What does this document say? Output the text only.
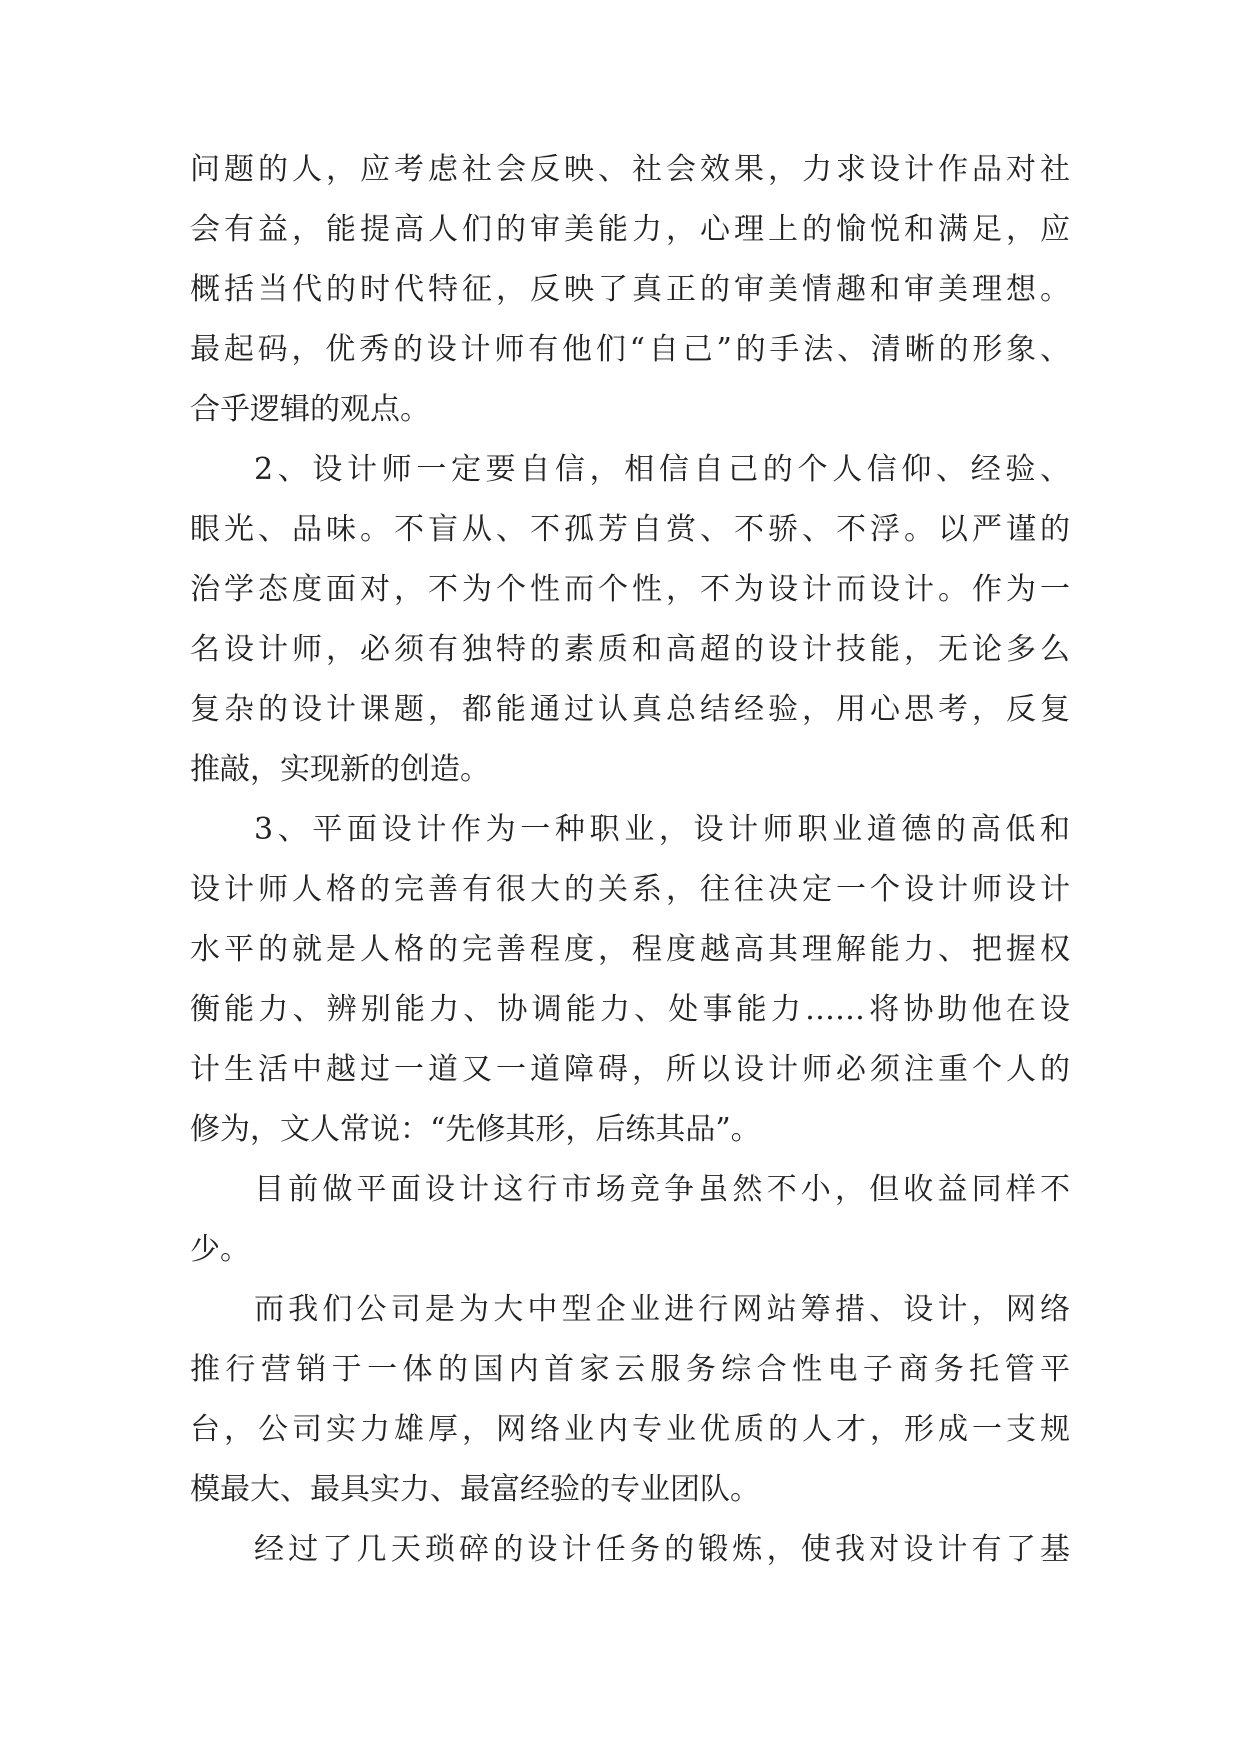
问题的人，应考虑社会反映、社会效果，力求设计作品对社
会有益，能提高人们的审美能力，心理上的愉悦和满足，应
概括当代的时代特征，反映了真正的审美情趣和审美理想。
最起码，优秀的设计师有他们“自己”的手法、清晰的形象、
合乎逻辑的观点。
2、设计师一定要自信，相信自己的个人信仰、经验、
眼光、品味。不盲从、不孤芳自赏、不骄、不浮。以严谨的
治学态度面对，不为个性而个性，不为设计而设计。作为一
名设计师，必须有独特的素质和高超的设计技能，无论多么
复杂的设计课题，都能通过认真总结经验，用心思考，反复
推敲，实现新的创造。
3、平面设计作为一种职业，设计师职业道德的高低和
设计师人格的完善有很大的关系，往往决定一个设计师设计
水平的就是人格的完善程度，程度越高其理解能力、把握权
衡能力、辨别能力、协调能力、处事能力……将协助他在设
计生活中越过一道又一道障碍，所以设计师必须注重个人的
修为，文人常说：“先修其形，后练其品”。
目前做平面设计这行市场竞争虽然不小，但收益同样不
少。
而我们公司是为大中型企业进行网站筹措、设计，网络
推行营销于一体的国内首家云服务综合性电子商务托管平
台，公司实力雄厚，网络业内专业优质的人才，形成一支规
模最大、最具实力、最富经验的专业团队。
经过了几天琐碎的设计任务的锻炼，使我对设计有了基
